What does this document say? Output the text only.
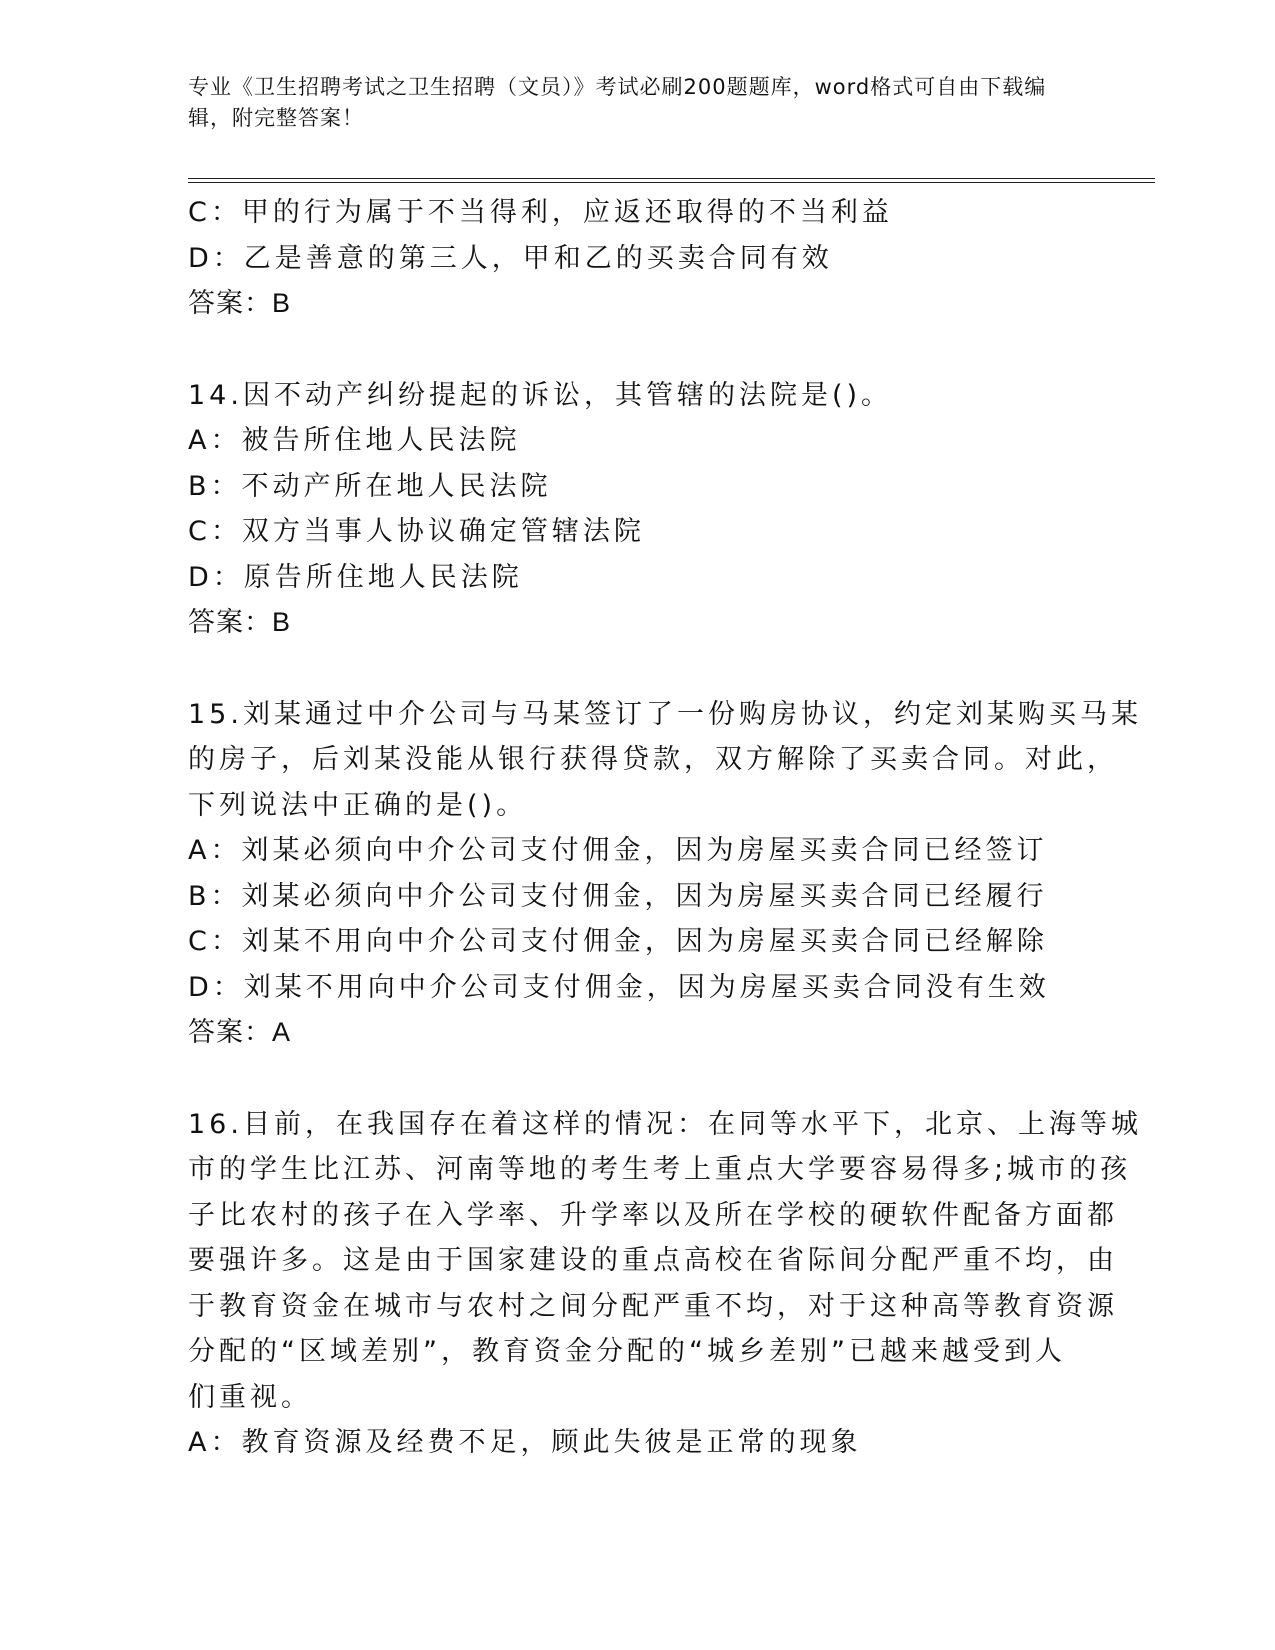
专业《卫生招聘考试之卫生招聘（文员）》考试必刷200题题库，word格式可自由下载编辑，附完整答案！
C：甲的行为属于不当得利，应返还取得的不当利益
D：乙是善意的第三人，甲和乙的买卖合同有效
答案：B
14.因不动产纠纷提起的诉讼，其管辖的法院是()。
A：被告所住地人民法院
B：不动产所在地人民法院
C：双方当事人协议确定管辖法院
D：原告所住地人民法院
答案：B
15.刘某通过中介公司与马某签订了一份购房协议，约定刘某购买马某
的房子，后刘某没能从银行获得贷款，双方解除了买卖合同。对此，
下列说法中正确的是()。
A：刘某必须向中介公司支付佣金，因为房屋买卖合同已经签订
B：刘某必须向中介公司支付佣金，因为房屋买卖合同已经履行
C：刘某不用向中介公司支付佣金，因为房屋买卖合同已经解除
D：刘某不用向中介公司支付佣金，因为房屋买卖合同没有生效
答案：A
16.目前，在我国存在着这样的情况：在同等水平下，北京、上海等城
市的学生比江苏、河南等地的考生考上重点大学要容易得多;城市的孩
子比农村的孩子在入学率、升学率以及所在学校的硬软件配备方面都
要强许多。这是由于国家建设的重点高校在省际间分配严重不均，由
于教育资金在城市与农村之间分配严重不均，对于这种高等教育资源
分配的“区域差别”，教育资金分配的“城乡差别”已越来越受到人
们重视。
A：教育资源及经费不足，顾此失彼是正常的现象
